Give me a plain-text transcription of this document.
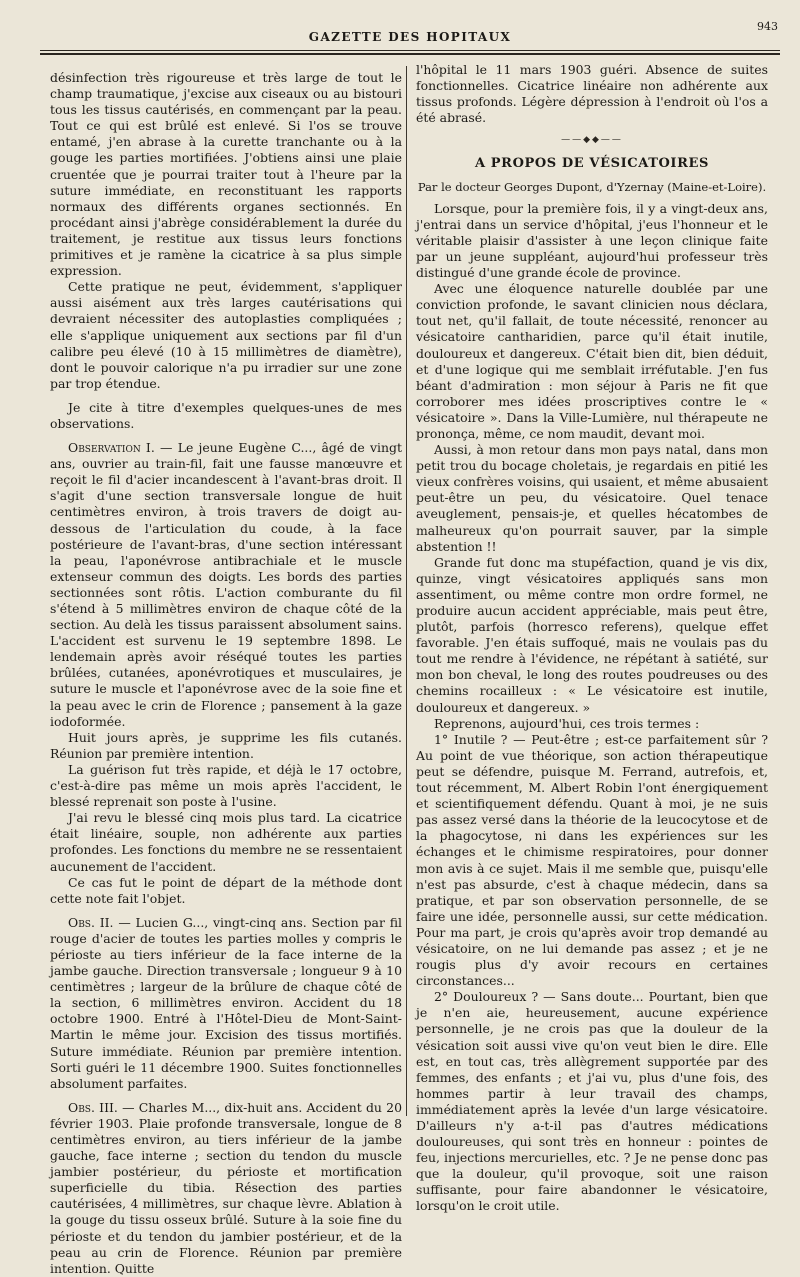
GAZETTE DES HOPITAUX
943

désinfection très rigoureuse et très large de tout le champ traumatique, j'excise aux ciseaux ou au bistouri tous les tissus cautérisés, en commençant par la peau. Tout ce qui est brûlé est enlevé. Si l'os se trouve entamé, j'en abrase à la curette tranchante ou à la gouge les parties mortifiées. J'obtiens ainsi une plaie cruentée que je pourrai traiter tout à l'heure par la suture immédiate, en reconstituant les rapports normaux des différents organes sectionnés. En procédant ainsi j'abrège considérablement la durée du traitement, je restitue aux tissus leurs fonctions primitives et je ramène la cicatrice à sa plus simple expression.

Cette pratique ne peut, évidemment, s'appliquer aussi aisément aux très larges cautérisations qui devraient nécessiter des autoplasties compliquées ; elle s'applique uniquement aux sections par fil d'un calibre peu élevé (10 à 15 millimètres de diamètre), dont le pouvoir calorique n'a pu irradier sur une zone par trop étendue.

Je cite à titre d'exemples quelques-unes de mes observations.

Observation I. — Le jeune Eugène C..., âgé de vingt ans, ouvrier au train-fil, fait une fausse manœuvre et reçoit le fil d'acier incandescent à l'avant-bras droit. Il s'agit d'une section transversale longue de huit centimètres environ, à trois travers de doigt au-dessous de l'articulation du coude, à la face postérieure de l'avant-bras, d'une section intéressant la peau, l'aponévrose antibrachiale et le muscle extenseur commun des doigts. Les bords des parties sectionnées sont rôtis. L'action comburante du fil s'étend à 5 millimètres environ de chaque côté de la section. Au delà les tissus paraissent absolument sains. L'accident est survenu le 19 septembre 1898. Le lendemain après avoir réséqué toutes les parties brûlées, cutanées, aponévrotiques et musculaires, je suture le muscle et l'aponévrose avec de la soie fine et la peau avec le crin de Florence ; pansement à la gaze iodoformée.

Huit jours après, je supprime les fils cutanés. Réunion par première intention.

La guérison fut très rapide, et déjà le 17 octobre, c'est-à-dire pas même un mois après l'accident, le blessé reprenait son poste à l'usine.

J'ai revu le blessé cinq mois plus tard. La cicatrice était linéaire, souple, non adhérente aux parties profondes. Les fonctions du membre ne se ressentaient aucunement de l'accident.

Ce cas fut le point de départ de la méthode dont cette note fait l'objet.

Obs. II. — Lucien G..., vingt-cinq ans. Section par fil rouge d'acier de toutes les parties molles y compris le périoste au tiers inférieur de la face interne de la jambe gauche. Direction transversale ; longueur 9 à 10 centimètres ; largeur de la brûlure de chaque côté de la section, 6 millimètres environ. Accident du 18 octobre 1900. Entré à l'Hôtel-Dieu de Mont-Saint-Martin le même jour. Excision des tissus mortifiés. Suture immédiate. Réunion par première intention. Sorti guéri le 11 décembre 1900. Suites fonctionnelles absolument parfaites.

Obs. III. — Charles M..., dix-huit ans. Accident du 20 février 1903. Plaie profonde transversale, longue de 8 centimètres environ, au tiers inférieur de la jambe gauche, face interne ; section du tendon du muscle jambier postérieur, du périoste et mortification superficielle du tibia. Résection des parties cautérisées, 4 millimètres, sur chaque lèvre. Ablation à la gouge du tissu osseux brûlé. Suture à la soie fine du périoste et du tendon du jambier postérieur, et de la peau au crin de Florence. Réunion par première intention. Quitte

l'hôpital le 11 mars 1903 guéri. Absence de suites fonctionnelles. Cicatrice linéaire non adhérente aux tissus profonds. Légère dépression à l'endroit où l'os a été abrasé.

——◆◆——
A PROPOS DE VÉSICATOIRES
Par le docteur Georges Dupont, d'Yzernay (Maine-et-Loire).

Lorsque, pour la première fois, il y a vingt-deux ans, j'entrai dans un service d'hôpital, j'eus l'honneur et le véritable plaisir d'assister à une leçon clinique faite par un jeune suppléant, aujourd'hui professeur très distingué d'une grande école de province.

Avec une éloquence naturelle doublée par une conviction profonde, le savant clinicien nous déclara, tout net, qu'il fallait, de toute nécessité, renoncer au vésicatoire cantharidien, parce qu'il était inutile, douloureux et dangereux. C'était bien dit, bien déduit, et d'une logique qui me semblait irréfutable. J'en fus béant d'admiration : mon séjour à Paris ne fit que corroborer mes idées proscriptives contre le « vésicatoire ». Dans la Ville-Lumière, nul thérapeute ne prononça, même, ce nom maudit, devant moi.

Aussi, à mon retour dans mon pays natal, dans mon petit trou du bocage choletais, je regardais en pitié les vieux confrères voisins, qui usaient, et même abusaient peut-être un peu, du vésicatoire. Quel tenace aveuglement, pensais-je, et quelles hécatombes de malheureux qu'on pourrait sauver, par la simple abstention !!

Grande fut donc ma stupéfaction, quand je vis dix, quinze, vingt vésicatoires appliqués sans mon assentiment, ou même contre mon ordre formel, ne produire aucun accident appréciable, mais peut être, plutôt, parfois (horresco referens), quelque effet favorable. J'en étais suffoqué, mais ne voulais pas du tout me rendre à l'évidence, ne répétant à satiété, sur mon bon cheval, le long des routes poudreuses ou des chemins rocailleux : « Le vésicatoire est inutile, douloureux et dangereux. »

Reprenons, aujourd'hui, ces trois termes :

1° Inutile ? — Peut-être ; est-ce parfaitement sûr ? Au point de vue théorique, son action thérapeutique peut se défendre, puisque M. Ferrand, autrefois, et, tout récemment, M. Albert Robin l'ont énergiquement et scientifiquement défendu. Quant à moi, je ne suis pas assez versé dans la théorie de la leucocytose et de la phagocytose, ni dans les expériences sur les échanges et le chimisme respiratoires, pour donner mon avis à ce sujet. Mais il me semble que, puisqu'elle n'est pas absurde, c'est à chaque médecin, dans sa pratique, et par son observation personnelle, de se faire une idée, personnelle aussi, sur cette médication. Pour ma part, je crois qu'après avoir trop demandé au vésicatoire, on ne lui demande pas assez ; et je ne rougis plus d'y avoir recours en certaines circonstances...

2° Douloureux ? — Sans doute... Pourtant, bien que je n'en aie, heureusement, aucune expérience personnelle, je ne crois pas que la douleur de la vésication soit aussi vive qu'on veut bien le dire. Elle est, en tout cas, très allègrement supportée par des femmes, des enfants ; et j'ai vu, plus d'une fois, des hommes partir à leur travail des champs, immédiatement après la levée d'un large vésicatoire. D'ailleurs n'y a-t-il pas d'autres médications douloureuses, qui sont très en honneur : pointes de feu, injections mercurielles, etc. ? Je ne pense donc pas que la douleur, qu'il provoque, soit une raison suffisante, pour faire abandonner le vésicatoire, lorsqu'on le croit utile.
